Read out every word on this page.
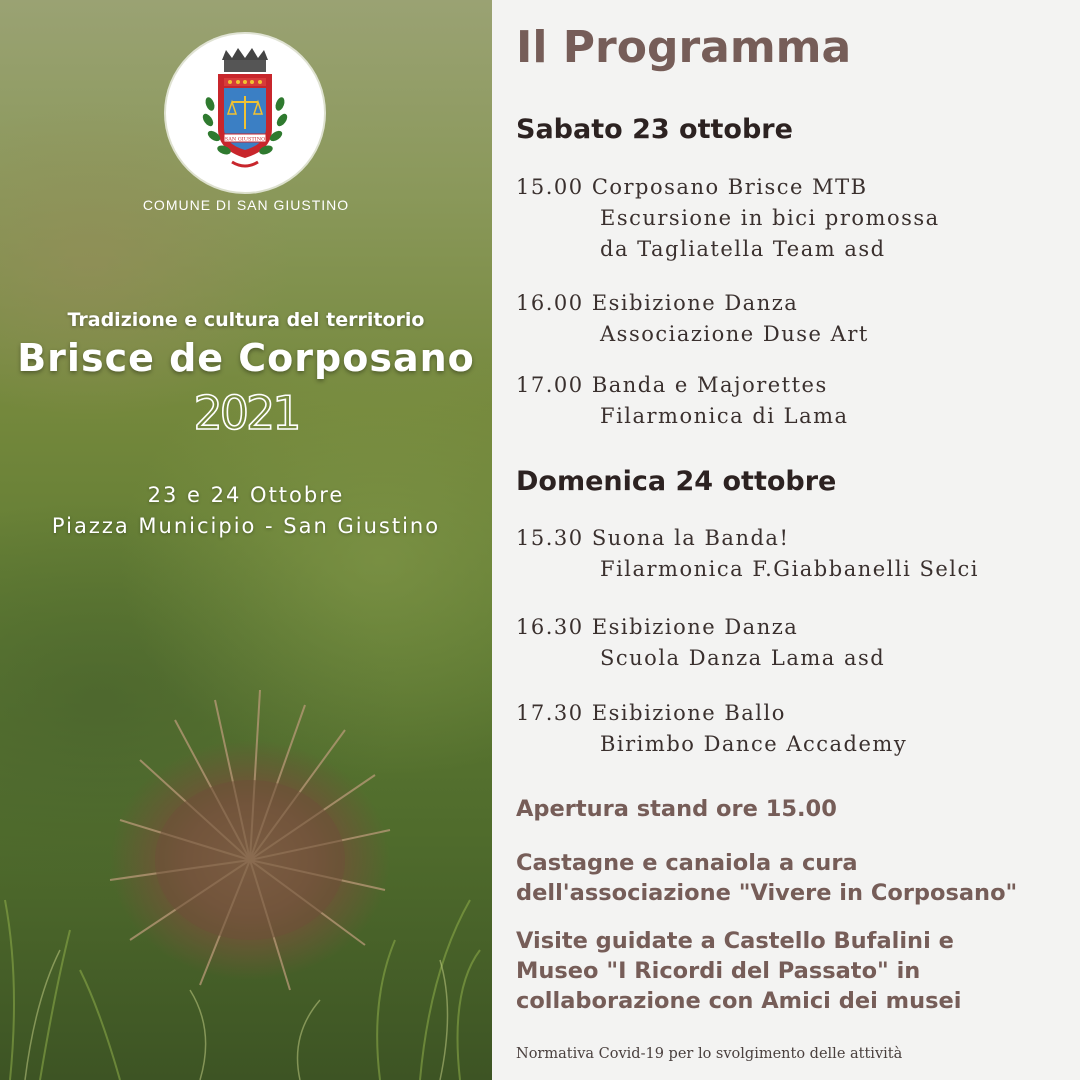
SAN GIUSTINO
COMUNE DI SAN GIUSTINO
Tradizione e cultura del territorio
Brisce de Corposano
2021
23 e 24 Ottobre
Piazza Municipio - San Giustino
Il Programma
Sabato 23 ottobre
15.00 Corposano Brisce MTB
Escursione in bici promossa
da Tagliatella Team asd
16.00 Esibizione Danza
Associazione Duse Art
17.00 Banda e Majorettes
Filarmonica di Lama
Domenica 24 ottobre
15.30 Suona la Banda!
Filarmonica F.Giabbanelli Selci
16.30 Esibizione Danza
Scuola Danza Lama asd
17.30 Esibizione Ballo
Birimbo Dance Accademy
Apertura stand ore 15.00
Castagne e canaiola a cura
dell'associazione "Vivere in Corposano"
Visite guidate a Castello Bufalini e
Museo "I Ricordi del Passato" in
collaborazione con Amici dei musei
Normativa Covid-19 per lo svolgimento delle attività
